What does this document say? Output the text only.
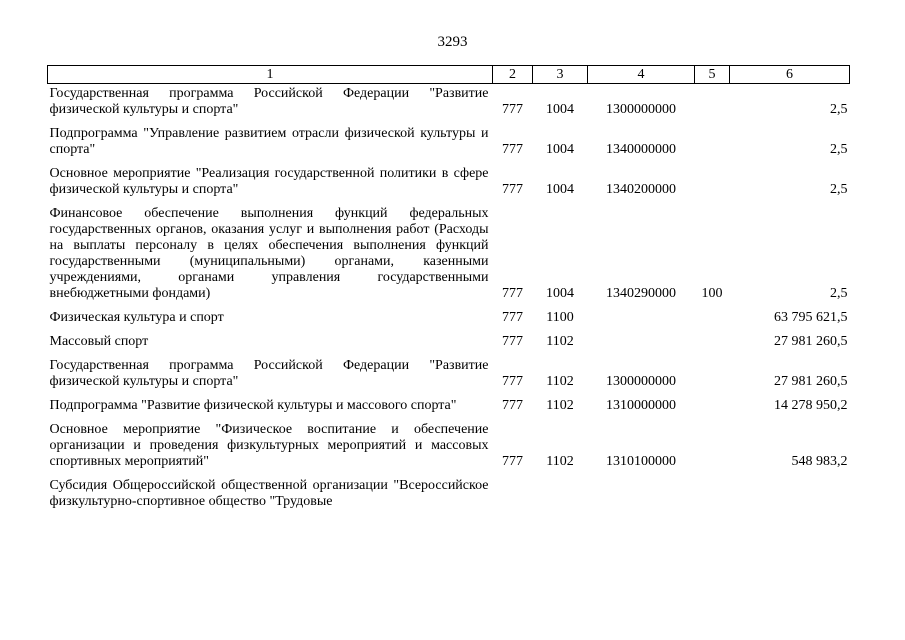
3293
1	2	3	4	5	6
Государственная программа Российской Федерации "Развитие физической культуры и спорта"	777	1004	1300000000		2,5
Подпрограмма "Управление развитием отрасли физической культуры и спорта"	777	1004	1340000000		2,5
Основное мероприятие "Реализация государственной политики в сфере физической культуры и спорта"	777	1004	1340200000		2,5
Финансовое обеспечение выполнения функций федеральных государственных органов, оказания услуг и выполнения работ (Расходы на выплаты персоналу в целях обеспечения выполнения функций государственными (муниципальными) органами, казенными учреждениями, органами управления государственными внебюджетными фондами)	777	1004	1340290000	100	2,5
Физическая культура и спорт	777	1100			63 795 621,5
Массовый спорт	777	1102			27 981 260,5
Государственная программа Российской Федерации "Развитие физической культуры и спорта"	777	1102	1300000000		27 981 260,5
Подпрограмма "Развитие физической культуры и массового спорта"	777	1102	1310000000		14 278 950,2
Основное мероприятие "Физическое воспитание и обеспечение организации и проведения физкультурных мероприятий и массовых спортивных мероприятий"	777	1102	1310100000		548 983,2
Субсидия Общероссийской общественной организации "Всероссийское физкультурно-спортивное общество "Трудовые					
